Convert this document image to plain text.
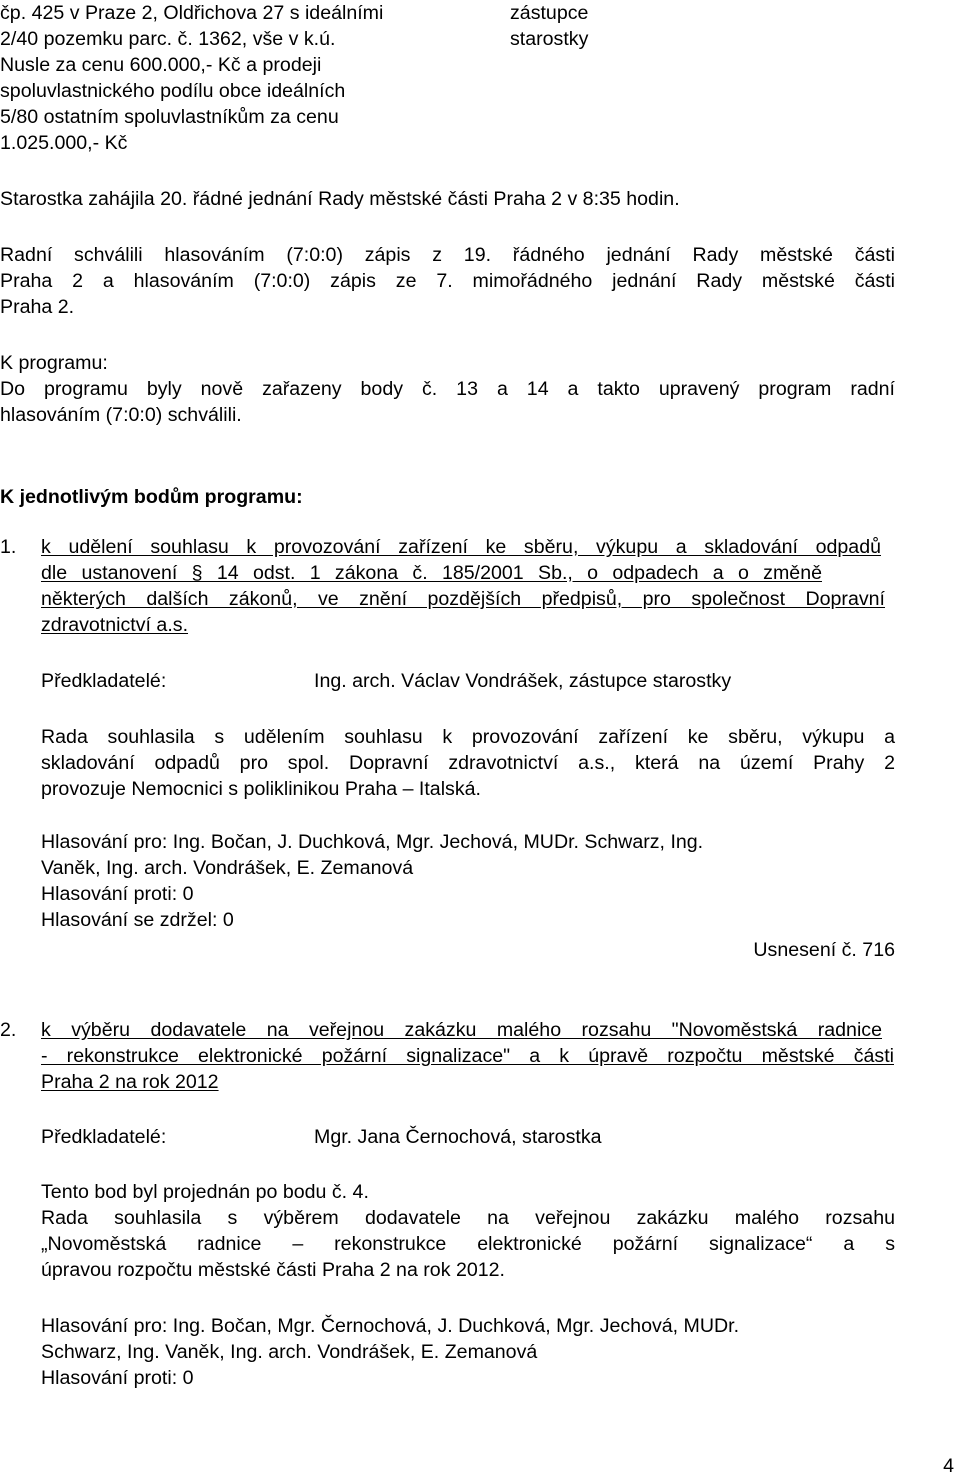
čp. 425 v Praze 2, Oldřichova 27 s ideálními
2/40 pozemku parc. č. 1362, vše v k.ú.
Nusle za cenu 600.000,- Kč a prodeji
spoluvlastnického podílu obce ideálních
5/80 ostatním spoluvlastníkům za cenu
1.025.000,- Kč
zástupce
starostky
Starostka zahájila 20. řádné jednání Rady městské části Praha 2 v 8:35 hodin.
Radní schválili hlasováním (7:0:0) zápis z 19. řádného jednání Rady městské části
Praha 2 a hlasováním (7:0:0) zápis ze 7. mimořádného jednání Rady městské části
Praha 2.
K programu:
Do programu byly nově zařazeny body č. 13 a 14 a takto upravený program radní
hlasováním (7:0:0) schválili.
K jednotlivým bodům programu:
1. k udělení souhlasu k provozování zařízení ke sběru, výkupu a skladování odpadů
dle ustanovení § 14 odst. 1 zákona č. 185/2001 Sb., o odpadech a o změně
některých dalších zákonů, ve znění pozdějších předpisů, pro společnost Dopravní
zdravotnictví a.s.
Předkladatelé:	Ing. arch. Václav Vondrášek, zástupce starostky
Rada souhlasila s udělením souhlasu k provozování zařízení ke sběru, výkupu a
skladování odpadů pro spol. Dopravní zdravotnictví a.s., která na území Prahy 2
provozuje Nemocnici s poliklinikou Praha – Italská.
Hlasování pro: Ing. Bočan, J. Duchková, Mgr. Jechová, MUDr. Schwarz, Ing.
Vaněk, Ing. arch. Vondrášek, E. Zemanová
Hlasování proti: 0
Hlasování se zdržel: 0
Usnesení č. 716
2. k výběru dodavatele na veřejnou zakázku malého rozsahu "Novoměstská radnice
- rekonstrukce elektronické požární signalizace" a k úpravě rozpočtu městské části
Praha 2 na rok 2012
Předkladatelé:	Mgr. Jana Černochová, starostka
Tento bod byl projednán po bodu č. 4.
Rada souhlasila s výběrem dodavatele na veřejnou zakázku malého rozsahu
„Novoměstská radnice – rekonstrukce elektronické požární signalizace“ a s
úpravou rozpočtu městské části Praha 2 na rok 2012.
Hlasování pro: Ing. Bočan, Mgr. Černochová, J. Duchková, Mgr. Jechová, MUDr.
Schwarz, Ing. Vaněk, Ing. arch. Vondrášek, E. Zemanová
Hlasování proti: 0
4
